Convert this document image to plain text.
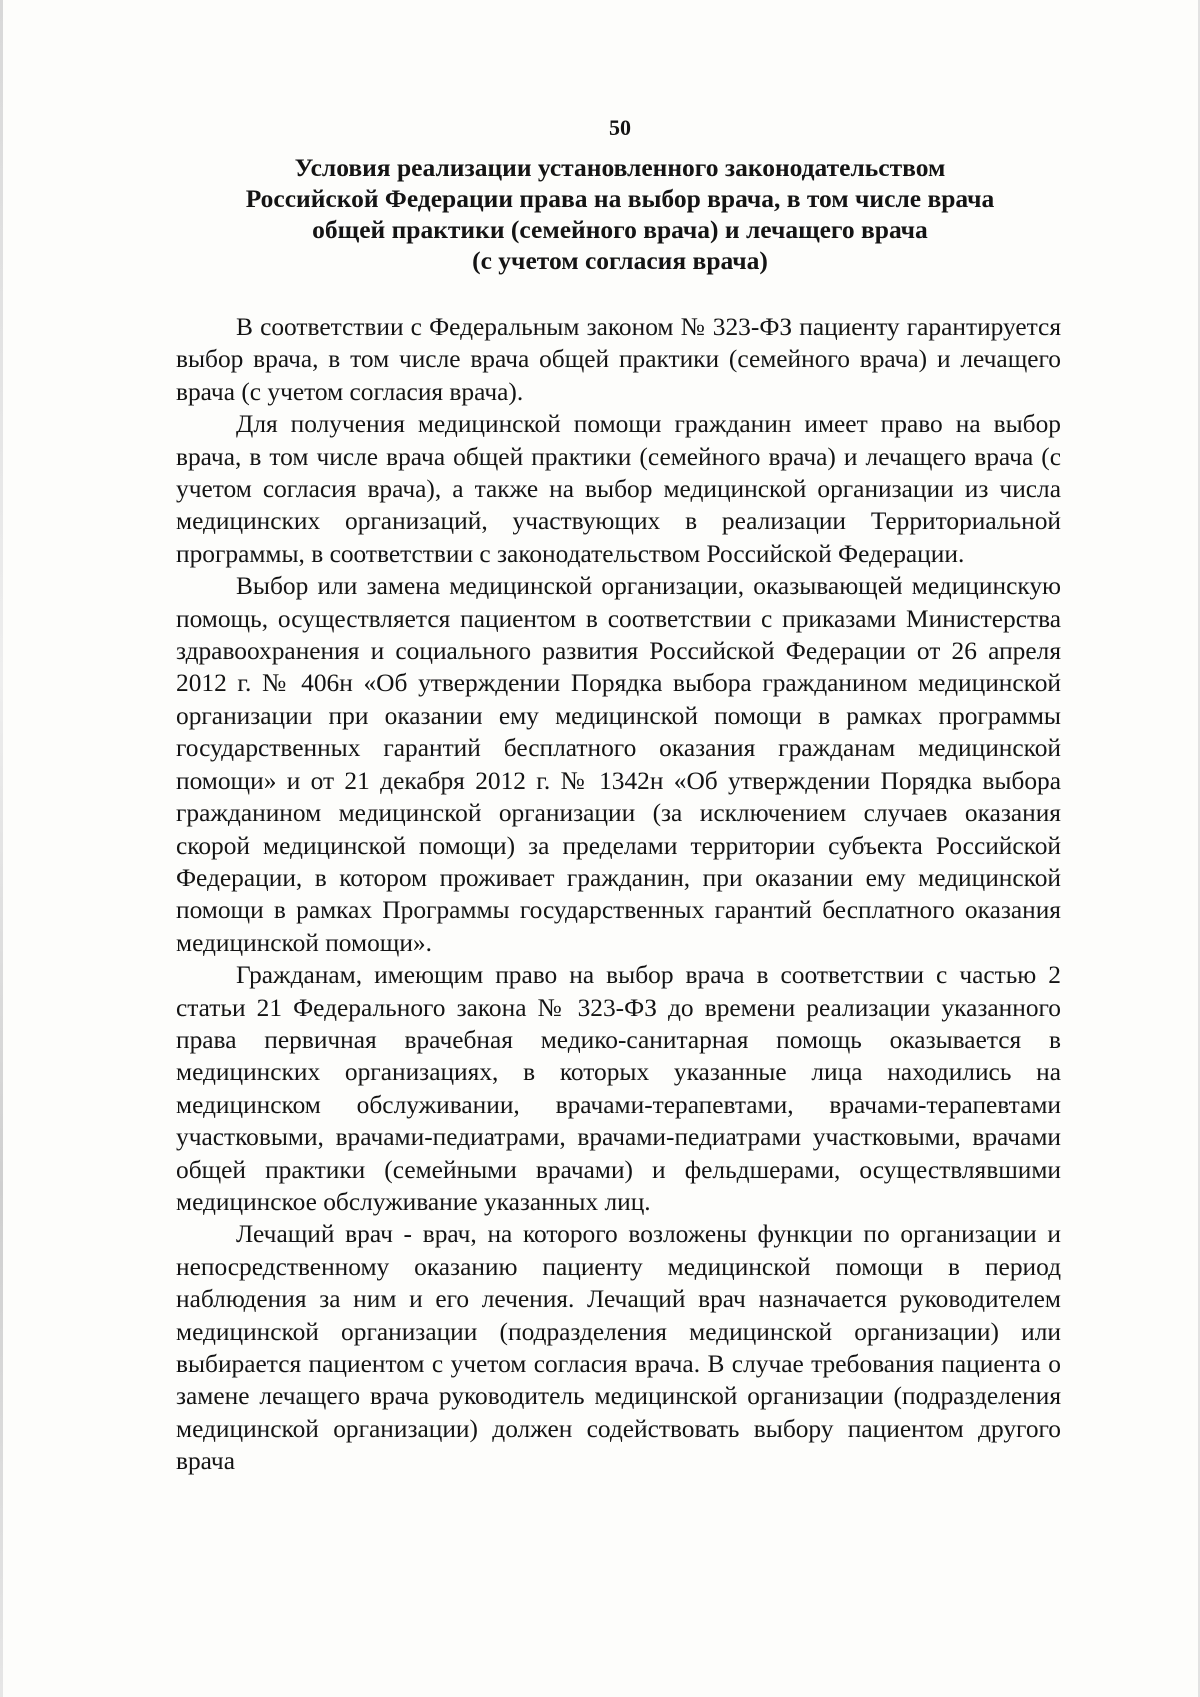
50
Условия реализации установленного законодательством
Российской Федерации права на выбор врача, в том числе врача
общей практики (семейного врача) и лечащего врача
(с учетом согласия врача)

В соответствии с Федеральным законом № 323-ФЗ пациенту гарантируется выбор врача, в том числе врача общей практики (семейного врача) и лечащего врача (с учетом согласия врача).

Для получения медицинской помощи гражданин имеет право на выбор врача, в том числе врача общей практики (семейного врача) и лечащего врача (с учетом согласия врача), а также на выбор медицинской организации из числа медицинских организаций, участвующих в реализации Территориальной программы, в соответствии с законодательством Российской Федерации.

Выбор или замена медицинской организации, оказывающей медицинскую помощь, осуществляется пациентом в соответствии с приказами Министерства здравоохранения и социального развития Российской Федерации от 26 апреля 2012 г. № 406н «Об утверждении Порядка выбора гражданином медицинской организации при оказании ему медицинской помощи в рамках программы государственных гарантий бесплатного оказания гражданам медицинской помощи» и от 21 декабря 2012 г. № 1342н «Об утверждении Порядка выбора гражданином медицинской организации (за исключением случаев оказания скорой медицинской помощи) за пределами территории субъекта Российской Федерации, в котором проживает гражданин, при оказании ему медицинской помощи в рамках Программы государственных гарантий бесплатного оказания медицинской помощи».

Гражданам, имеющим право на выбор врача в соответствии с частью 2 статьи 21 Федерального закона № 323-ФЗ до времени реализации указанного права первичная врачебная медико-санитарная помощь оказывается в медицинских организациях, в которых указанные лица находились на медицинском обслуживании, врачами-терапевтами, врачами-терапевтами участковыми, врачами-педиатрами, врачами-педиатрами участковыми, врачами общей практики (семейными врачами) и фельдшерами, осуществлявшими медицинское обслуживание указанных лиц.

Лечащий врач - врач, на которого возложены функции по организации и непосредственному оказанию пациенту медицинской помощи в период наблюдения за ним и его лечения. Лечащий врач назначается руководителем медицинской организации (подразделения медицинской организации) или выбирается пациентом с учетом согласия врача. В случае требования пациента о замене лечащего врача руководитель медицинской организации (подразделения медицинской организации) должен содействовать выбору пациентом другого врача
